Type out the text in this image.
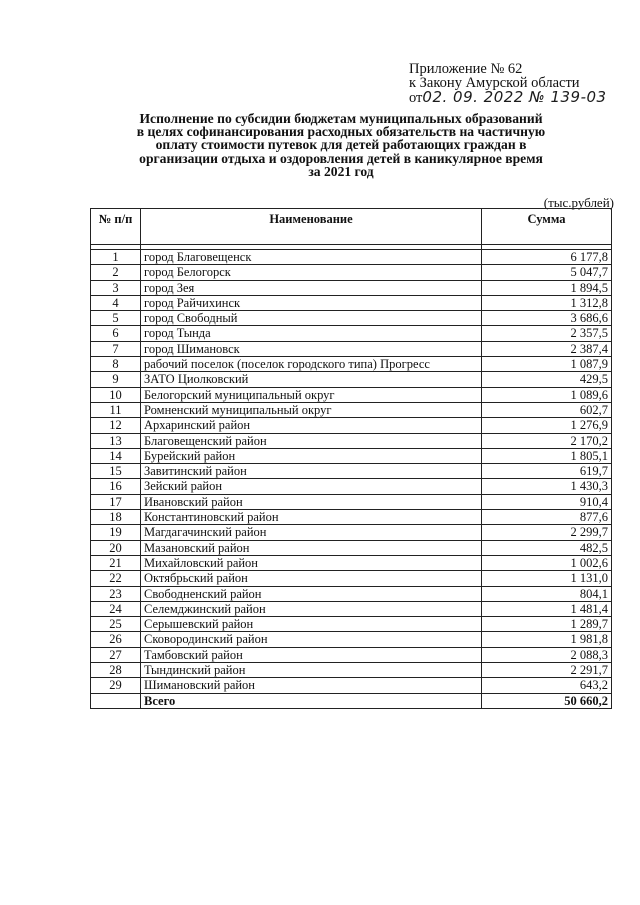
Приложение № 62
к Закону Амурской области
от02. 09. 2022 № 139-03
Исполнение по субсидии бюджетам муниципальных образований
в целях софинансирования расходных обязательств на частичную
оплату стоимости путевок для детей работающих граждан в
организации отдыха и оздоровления детей в каникулярное время
за 2021 год
(тыс.рублей)
№ п/п	Наименование	Сумма

1	город Благовещенск	6 177,8
2	город Белогорск	5 047,7
3	город Зея	1 894,5
4	город Райчихинск	1 312,8
5	город Свободный	3 686,6
6	город Тында	2 357,5
7	город Шимановск	2 387,4
8	рабочий поселок (поселок городского типа) Прогресс	1 087,9
9	ЗАТО Циолковский	429,5
10	Белогорский муниципальный округ	1 089,6
11	Ромненский муниципальный округ	602,7
12	Архаринский район	1 276,9
13	Благовещенский район	2 170,2
14	Бурейский район	1 805,1
15	Завитинский район	619,7
16	Зейский район	1 430,3
17	Ивановский район	910,4
18	Константиновский район	877,6
19	Магдагачинский район	2 299,7
20	Мазановский район	482,5
21	Михайловский район	1 002,6
22	Октябрьский район	1 131,0
23	Свободненский район	804,1
24	Селемджинский район	1 481,4
25	Серышевский район	1 289,7
26	Сковородинский район	1 981,8
27	Тамбовский район	2 088,3
28	Тындинский район	2 291,7
29	Шимановский район	643,2
	Всего	50 660,2
